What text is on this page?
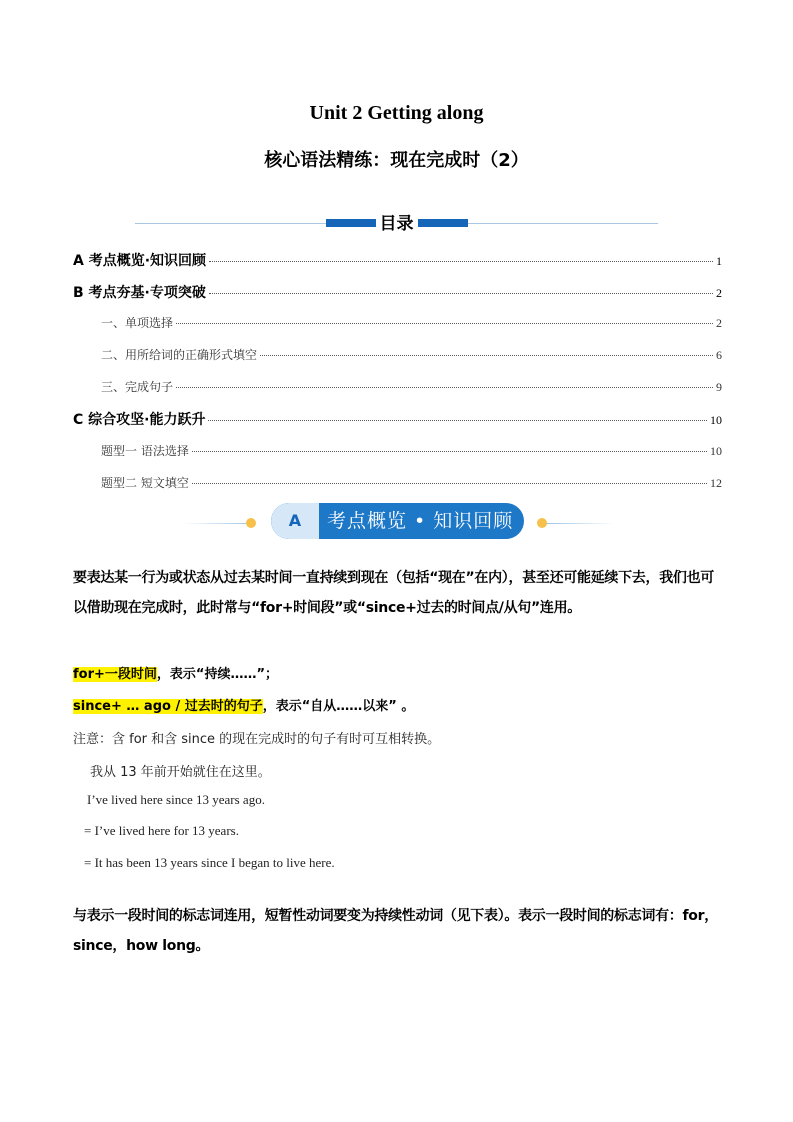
Unit 2 Getting along
核心语法精练：现在完成时（2）
目录
A 考点概览·知识回顾	1
B 考点夯基·专项突破	2
一、单项选择	2
二、用所给词的正确形式填空	6
三、完成句子	9
C 综合攻坚·能力跃升	10
题型一 语法选择	10
题型二 短文填空	12
A	考点概览 • 知识回顾
要表达某一行为或状态从过去某时间一直持续到现在（包括“现在”在内），甚至还可能延续下去，我们也可以借助现在完成时，此时常与“for+时间段”或“since+过去的时间点/从句”连用。
for+一段时间，表示“持续……”；
since+ … ago / 过去时的句子，表示“自从……以来” 。
注意：含 for 和含 since 的现在完成时的句子有时可互相转换。
我从 13 年前开始就住在这里。
I’ve lived here since 13 years ago.
= I’ve lived here for 13 years.
= It has been 13 years since I began to live here.
与表示一段时间的标志词连用，短暂性动词要变为持续性动词（见下表）。表示一段时间的标志词有：for，since，how long。
